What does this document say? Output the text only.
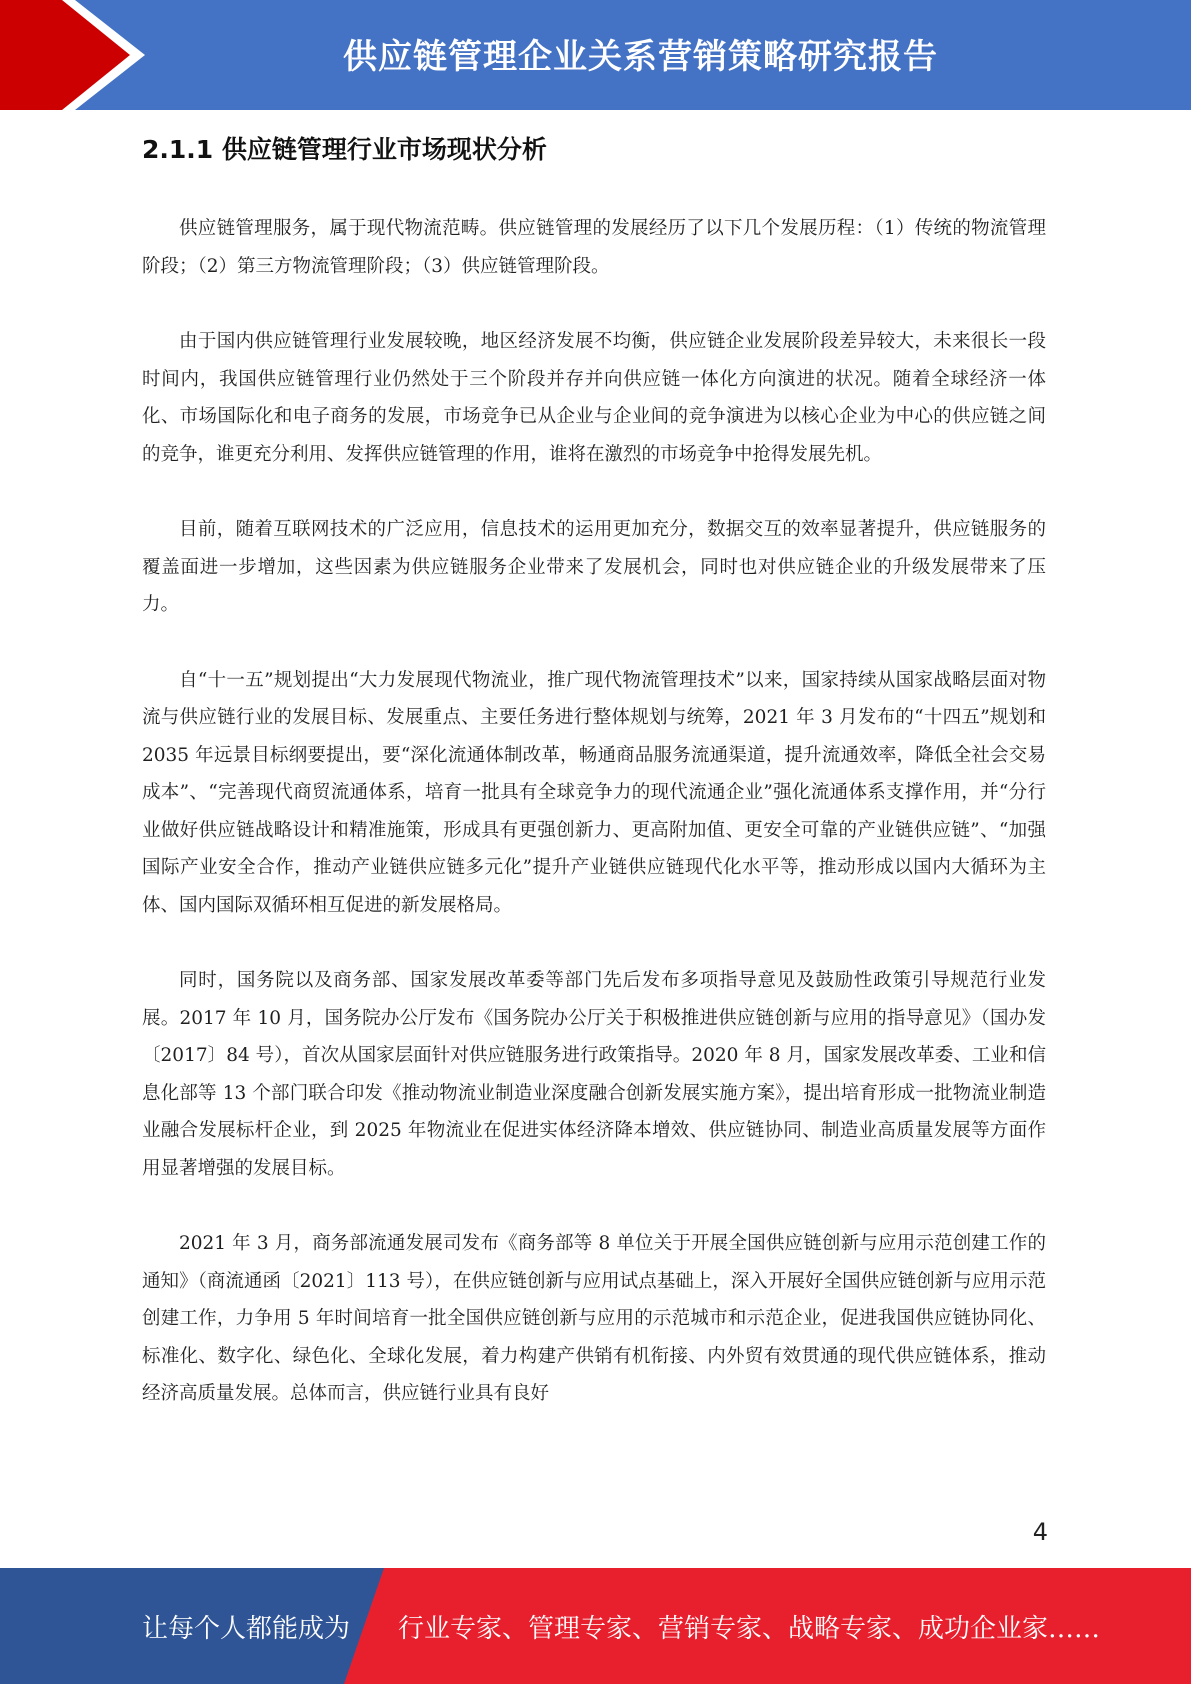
供应链管理企业关系营销策略研究报告
2.1.1 供应链管理行业市场现状分析

供应链管理服务，属于现代物流范畴。供应链管理的发展经历了以下几个发展历程：（1）传统的物流管理阶段；（2）第三方物流管理阶段；（3）供应链管理阶段。

由于国内供应链管理行业发展较晚，地区经济发展不均衡，供应链企业发展阶段差异较大，未来很长一段时间内，我国供应链管理行业仍然处于三个阶段并存并向供应链一体化方向演进的状况。随着全球经济一体化、市场国际化和电子商务的发展，市场竞争已从企业与企业间的竞争演进为以核心企业为中心的供应链之间的竞争，谁更充分利用、发挥供应链管理的作用，谁将在激烈的市场竞争中抢得发展先机。

目前，随着互联网技术的广泛应用，信息技术的运用更加充分，数据交互的效率显著提升，供应链服务的覆盖面进一步增加，这些因素为供应链服务企业带来了发展机会，同时也对供应链企业的升级发展带来了压力。

自“十一五”规划提出“大力发展现代物流业，推广现代物流管理技术”以来，国家持续从国家战略层面对物流与供应链行业的发展目标、发展重点、主要任务进行整体规划与统筹，2021 年 3 月发布的“十四五”规划和 2035 年远景目标纲要提出，要“深化流通体制改革，畅通商品服务流通渠道，提升流通效率，降低全社会交易成本”、“完善现代商贸流通体系，培育一批具有全球竞争力的现代流通企业”强化流通体系支撑作用，并“分行业做好供应链战略设计和精准施策，形成具有更强创新力、更高附加值、更安全可靠的产业链供应链”、“加强国际产业安全合作，推动产业链供应链多元化”提升产业链供应链现代化水平等，推动形成以国内大循环为主体、国内国际双循环相互促进的新发展格局。

同时，国务院以及商务部、国家发展改革委等部门先后发布多项指导意见及鼓励性政策引导规范行业发展。2017 年 10 月，国务院办公厅发布《国务院办公厅关于积极推进供应链创新与应用的指导意见》（国办发〔2017〕84 号），首次从国家层面针对供应链服务进行政策指导。2020 年 8 月，国家发展改革委、工业和信息化部等 13 个部门联合印发《推动物流业制造业深度融合创新发展实施方案》，提出培育形成一批物流业制造业融合发展标杆企业，到 2025 年物流业在促进实体经济降本增效、供应链协同、制造业高质量发展等方面作用显著增强的发展目标。

2021 年 3 月，商务部流通发展司发布《商务部等 8 单位关于开展全国供应链创新与应用示范创建工作的通知》（商流通函〔2021〕113 号），在供应链创新与应用试点基础上，深入开展好全国供应链创新与应用示范创建工作，力争用 5 年时间培育一批全国供应链创新与应用的示范城市和示范企业，促进我国供应链协同化、标准化、数字化、绿色化、全球化发展，着力构建产供销有机衔接、内外贸有效贯通的现代供应链体系，推动经济高质量发展。总体而言，供应链行业具有良好

4
让每个人都能成为 行业专家、管理专家、营销专家、战略专家、成功企业家……
